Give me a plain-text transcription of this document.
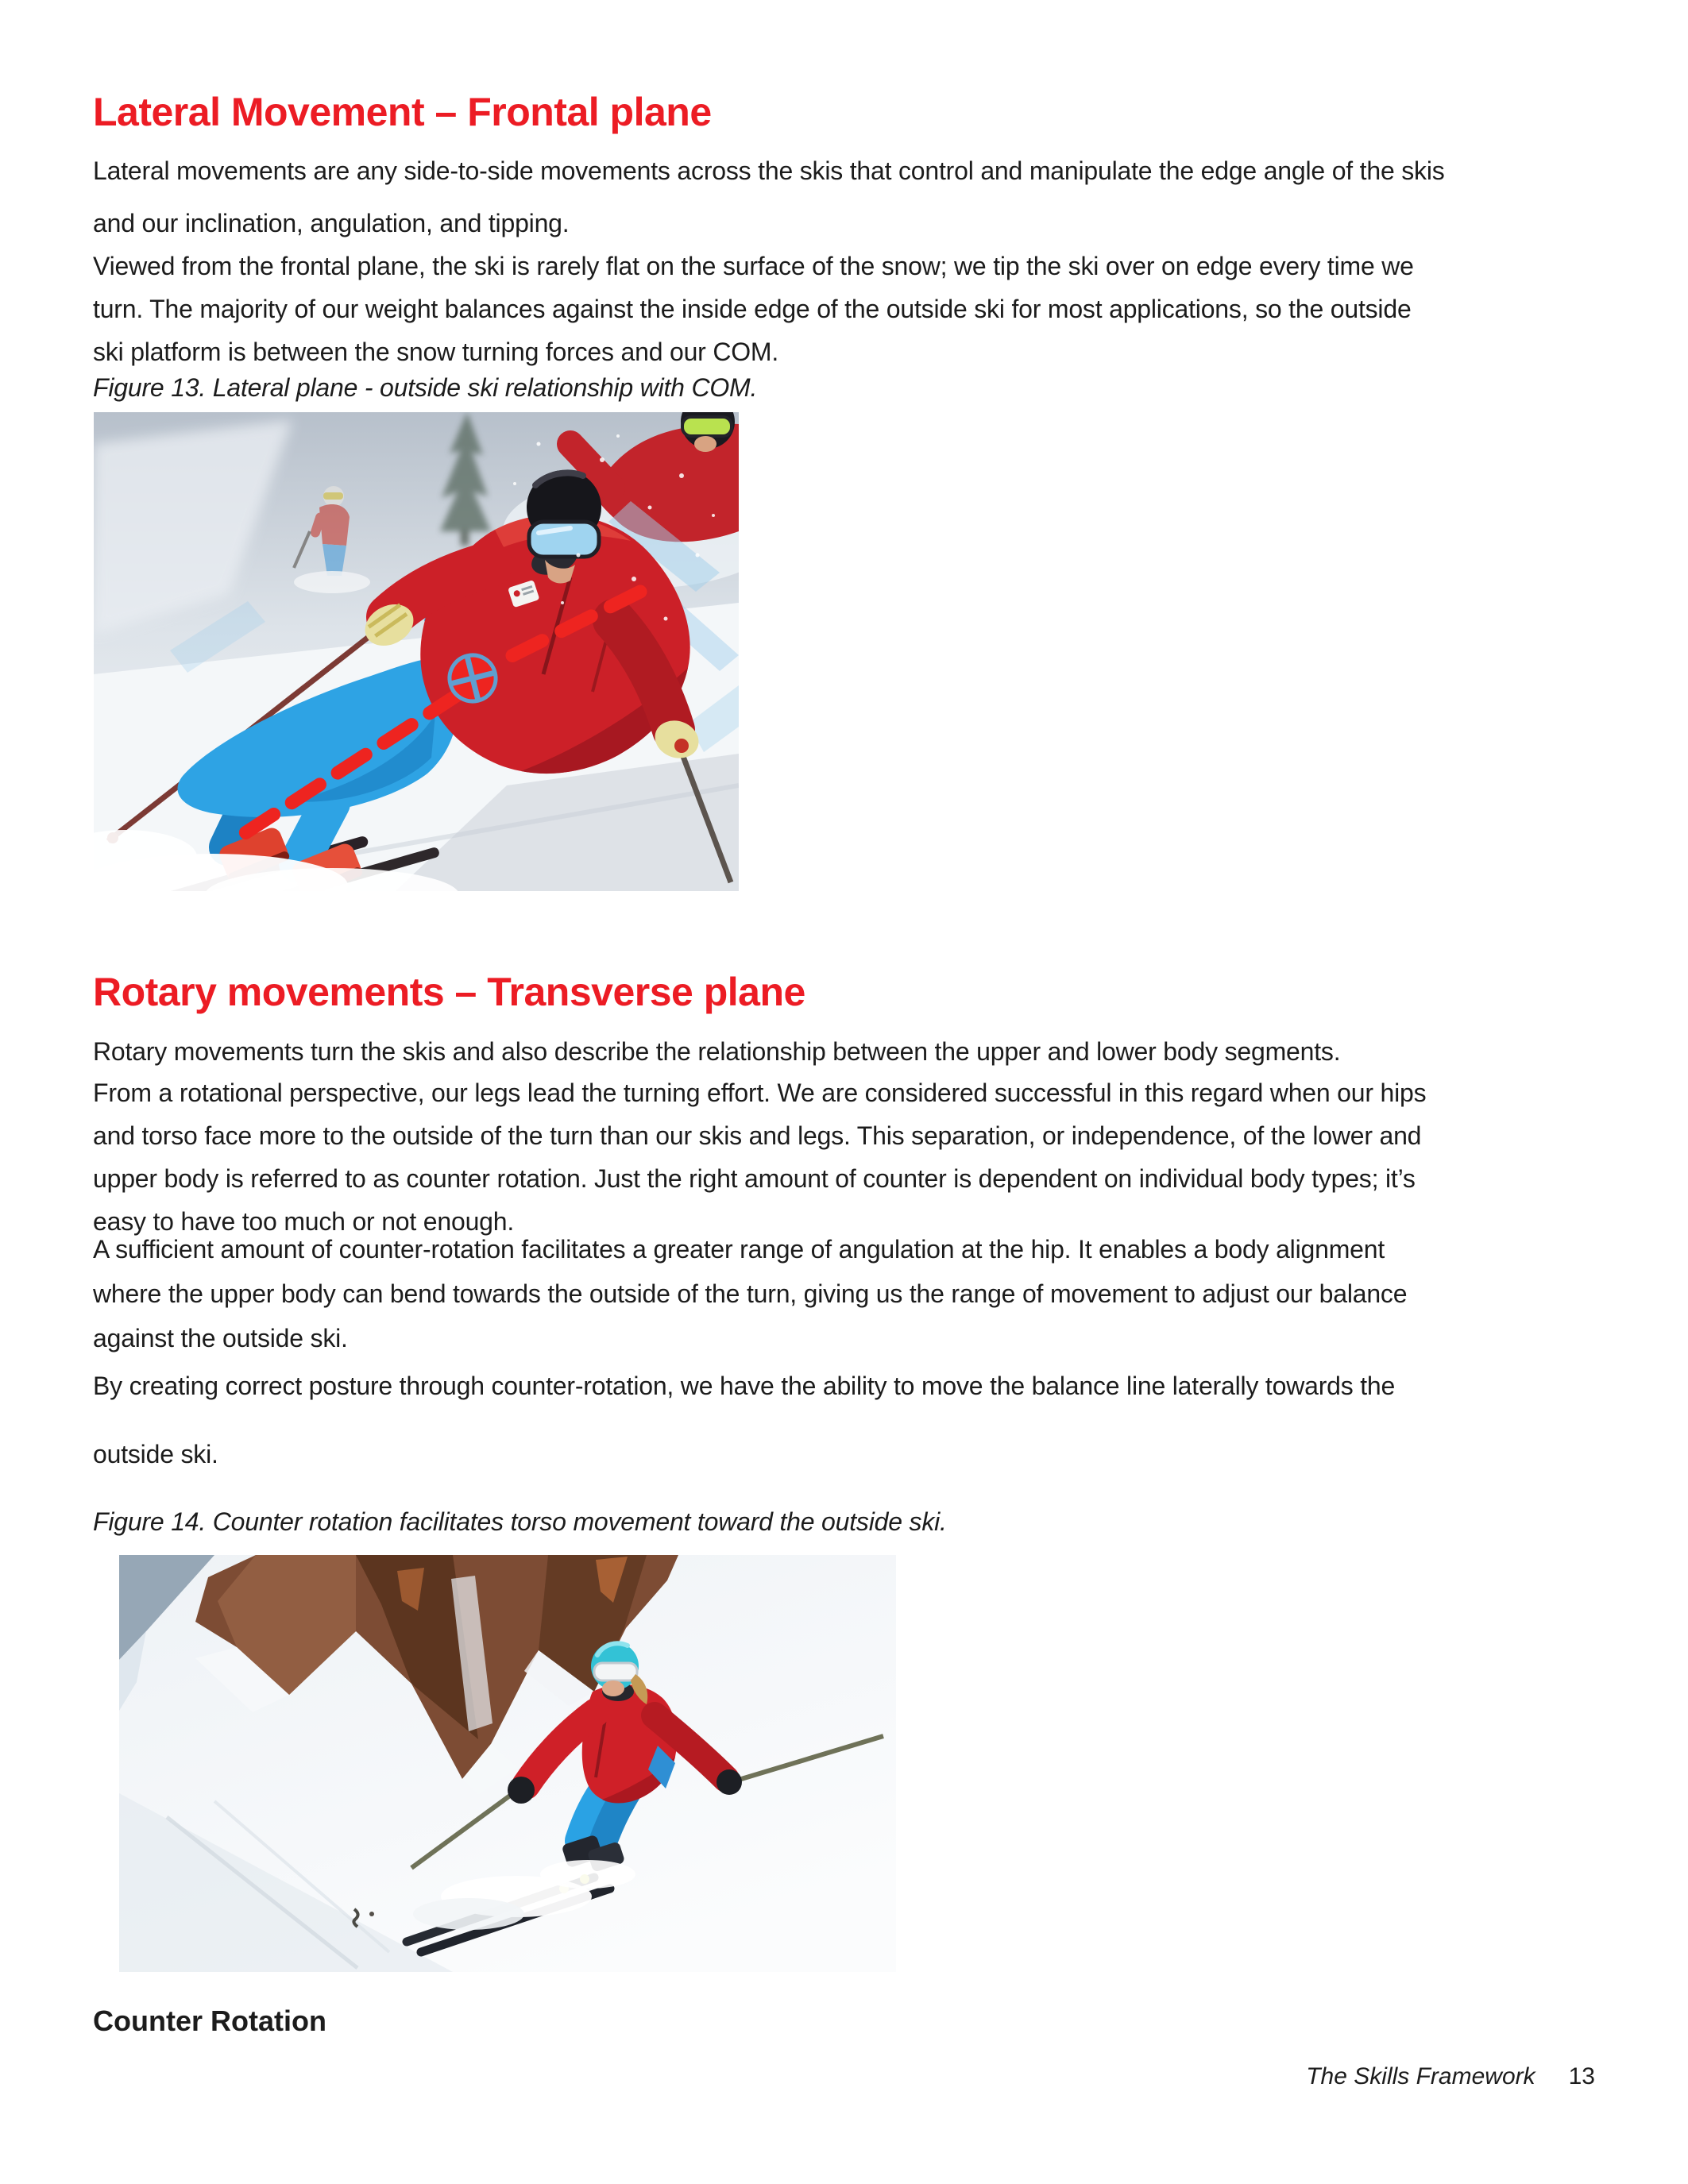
Lateral Movement – Frontal plane
Lateral movements are any side-to-side movements across the skis that control and manipulate the edge angle of the skis
and our inclination, angulation, and tipping.
Viewed from the frontal plane, the ski is rarely flat on the surface of the snow; we tip the ski over on edge every time we
turn. The majority of our weight balances against the inside edge of the outside ski for most applications, so the outside
ski platform is between the snow turning forces and our COM.
Figure 13. Lateral plane - outside ski relationship with COM.
Rotary movements – Transverse plane
Rotary movements turn the skis and also describe the relationship between the upper and lower body segments.
From a rotational perspective, our legs lead the turning effort. We are considered successful in this regard when our hips
and torso face more to the outside of the turn than our skis and legs. This separation, or independence, of the lower and
upper body is referred to as counter rotation. Just the right amount of counter is dependent on individual body types; it’s
easy to have too much or not enough.
A sufficient amount of counter-rotation facilitates a greater range of angulation at the hip. It enables a body alignment
where the upper body can bend towards the outside of the turn, giving us the range of movement to adjust our balance
against the outside ski.
By creating correct posture through counter-rotation, we have the ability to move the balance line laterally towards the
outside ski.
Figure 14. Counter rotation facilitates torso movement toward the outside ski.
Counter Rotation
The Skills Framework 13
